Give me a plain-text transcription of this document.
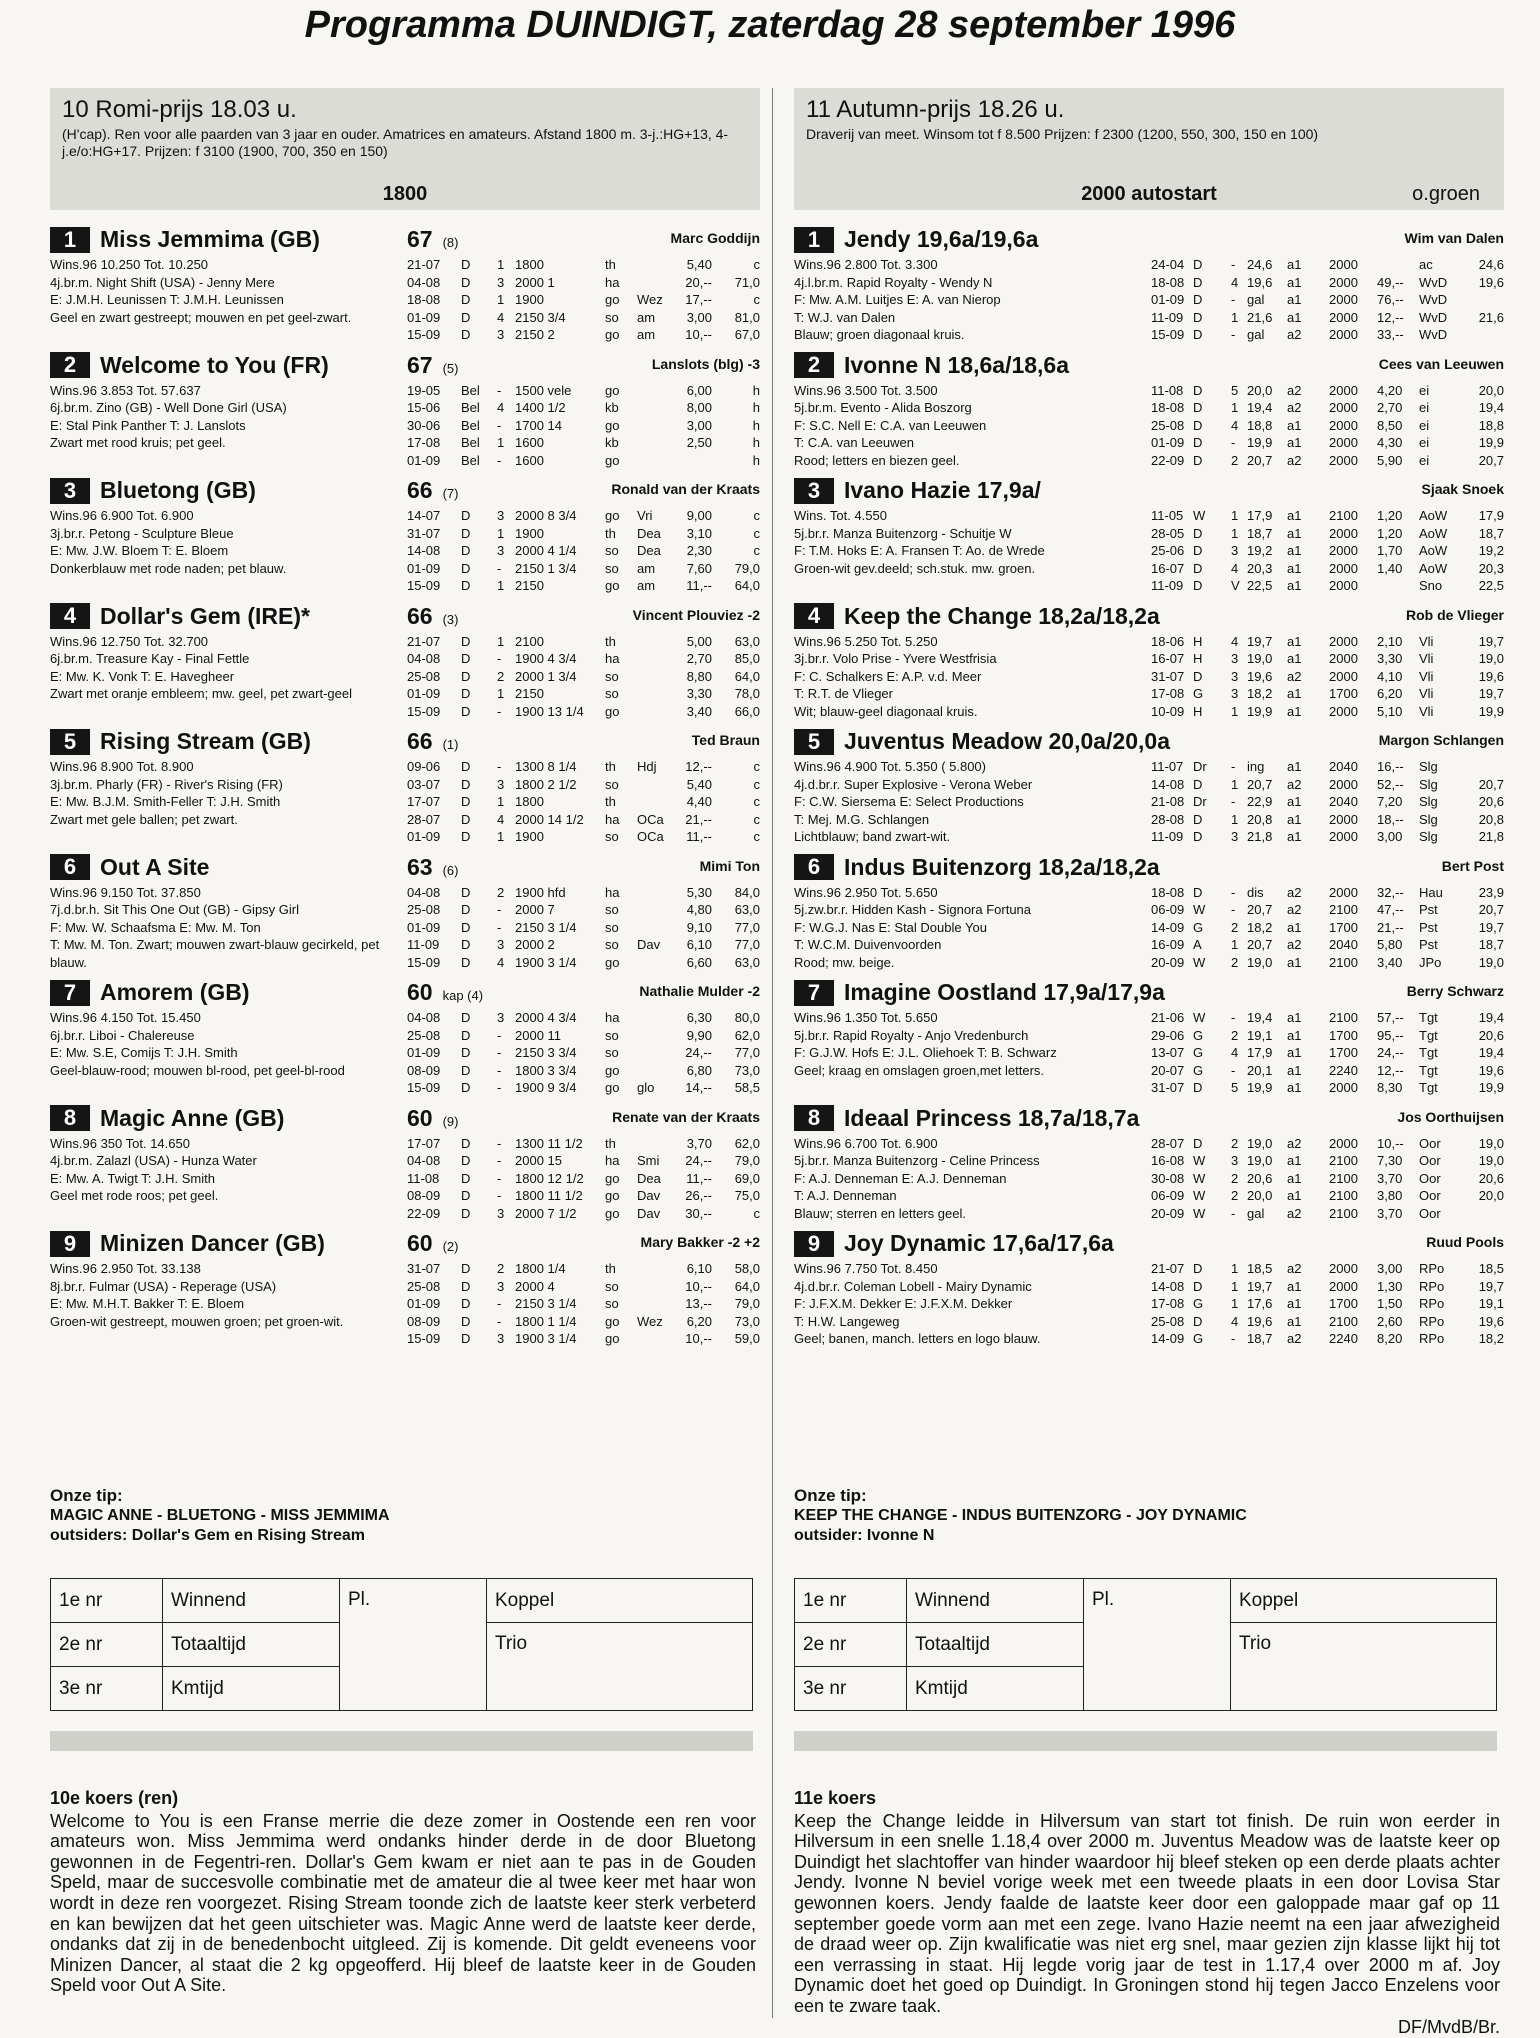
Programma DUINDIGT, zaterdag 28 september 1996
10 Romi-prijs 18.03 u.
(H'cap). Ren voor alle paarden van 3 jaar en ouder. Amatrices en amateurs. Afstand 1800 m. 3-j.:HG+13, 4-j.e/o:HG+17. Prijzen: f 3100 (1900, 700, 350 en 150)
1800
1 Miss Jemmima (GB)	67 (8)	Marc Goddijn
Wins.96 10.250 Tot. 10.250
4j.br.m. Night Shift (USA) - Jenny Mere
E: J.M.H. Leunissen T: J.M.H. Leunissen
Geel en zwart gestreept; mouwen en pet geel-zwart.
21-07 D 1 1800	th	5,40	c
04-08 D 3 2000 1	ha	20,-- 71,0
18-08 D 1 1900	go Wez 17,--	c
01-09 D 4 2150 3/4	so am 3,00 81,0
15-09 D 3 2150 2	go am 10,-- 67,0
2 Welcome to You (FR)	67 (5)	Lanslots (blg) -3
Wins.96 3.853 Tot. 57.637
6j.br.m. Zino (GB) - Well Done Girl (USA)
E: Stal Pink Panther T: J. Lanslots
Zwart met rood kruis; pet geel.
19-05 Bel - 1500 vele	go	6,00	h
15-06 Bel 4 1400 1/2	kb	8,00	h
30-06 Bel - 1700 14	go	3,00	h
17-08 Bel 1 1600	kb	2,50	h
01-09 Bel - 1600	go	h
3 Bluetong (GB)	66 (7)	Ronald van der Kraats
Wins.96 6.900 Tot. 6.900
3j.br.r. Petong - Sculpture Bleue
E: Mw. J.W. Bloem T: E. Bloem
Donkerblauw met rode naden; pet blauw.
14-07 D 3 2000 8 3/4 go Vri	9,00	c
31-07 D 1 1900	th Dea 3,10	c
14-08 D 3 2000 4 1/4 so Dea 2,30	c
01-09 D - 2150 1 3/4 so am 7,60 79,0
15-09 D 1 2150	go am 11,-- 64,0
4 Dollar's Gem (IRE)*	66 (3)	Vincent Plouviez -2
Wins.96 12.750 Tot. 32.700
6j.br.m. Treasure Kay - Final Fettle
E: Mw. K. Vonk T: E. Havegheer
Zwart met oranje embleem; mw. geel, pet zwart-geel
21-07 D 1 2100	th	5,00 63,0
04-08 D - 1900 4 3/4 ha	2,70 85,0
25-08 D 2 2000 1 3/4 so	8,80 64,0
01-09 D 1 2150	so	3,30 78,0
15-09 D - 1900 13 1/4 go	3,40 66,0
5 Rising Stream (GB)	66 (1)	Ted Braun
Wins.96 8.900 Tot. 8.900
3j.br.m. Pharly (FR) - River's Rising (FR)
E: Mw. B.J.M. Smith-Feller T: J.H. Smith
Zwart met gele ballen; pet zwart.
09-06 D - 1300 8 1/4 th Hdj 12,--	c
03-07 D 3 1800 2 1/2 so	5,40	c
17-07 D 1 1800	th	4,40	c
28-07 D 4 2000 14 1/2 ha OCa 21,--	c
01-09 D 1 1900	so OCa 11,--	c
6 Out A Site	63 (6)	Mimi Ton
Wins.96 9.150 Tot. 37.850
7j.d.br.h. Sit This One Out (GB) - Gipsy Girl
F: Mw. W. Schaafsma E: Mw. M. Ton
T: Mw. M. Ton. Zwart; mouwen zwart-blauw gecirkeld, pet blauw.
04-08 D 2 1900 hfd	ha	5,30 84,0
25-08 D - 2000 7	so	4,80 63,0
01-09 D - 2150 3 1/4 so	9,10 77,0
11-09 D 3 2000 2	so Dav 6,10 77,0
15-09 D 4 1900 3 1/4 go	6,60 63,0
7 Amorem (GB)	60 kap (4)	Nathalie Mulder -2
Wins.96 4.150 Tot. 15.450
6j.br.r. Liboi - Chalereuse
E: Mw. S.E, Comijs T: J.H. Smith
Geel-blauw-rood; mouwen bl-rood, pet geel-bl-rood
04-08 D 3 2000 4 3/4 ha	6,30 80,0
25-08 D - 2000 11	so	9,90 62,0
01-09 D - 2150 3 3/4 so	24,-- 77,0
08-09 D - 1800 3 3/4 go	6,80 73,0
15-09 D - 1900 9 3/4 go glo 14,-- 58,5
8 Magic Anne (GB)	60 (9)	Renate van der Kraats
Wins.96 350 Tot. 14.650
4j.br.m. Zalazl (USA) - Hunza Water
E: Mw. A. Twigt T: J.H. Smith
Geel met rode roos; pet geel.
17-07 D - 1300 11 1/2 th	3,70 62,0
04-08 D - 2000 15	ha Smi 24,-- 79,0
11-08 D - 1800 12 1/2 go Dea 11,-- 69,0
08-09 D - 1800 11 1/2 go Dav 26,-- 75,0
22-09 D 3 2000 7 1/2 go Dav 30,--	c
9 Minizen Dancer (GB)	60 (2)	Mary Bakker -2 +2
Wins.96 2.950 Tot. 33.138
8j.br.r. Fulmar (USA) - Reperage (USA)
E: Mw. M.H.T. Bakker T: E. Bloem
Groen-wit gestreept, mouwen groen; pet groen-wit.
31-07 D 2 1800 1/4	th	6,10 58,0
25-08 D 3 2000 4	so	10,-- 64,0
01-09 D - 2150 3 1/4 so	13,-- 79,0
08-09 D - 1800 1 1/4 go Wez 6,20 73,0
15-09 D 3 1900 3 1/4 go	10,-- 59,0
Onze tip:
MAGIC ANNE - BLUETONG - MISS JEMMIMA
outsiders: Dollar's Gem en Rising Stream
1e nr	Winnend	Pl.	Koppel
2e nr	Totaaltijd		Trio
3e nr	Kmtijd		
10e koers (ren)
Welcome to You is een Franse merrie die deze zomer in Oostende een ren voor amateurs won. Miss Jemmima werd ondanks hinder derde in de door Bluetong gewonnen in de Fegentri-ren. Dollar's Gem kwam er niet aan te pas in de Gouden Speld, maar de succesvolle combinatie met de amateur die al twee keer met haar won wordt in deze ren voorgezet. Rising Stream toonde zich de laatste keer sterk verbeterd en kan bewijzen dat het geen uitschieter was. Magic Anne werd de laatste keer derde, ondanks dat zij in de benedenbocht uitgleed. Zij is komende. Dit geldt eveneens voor Minizen Dancer, al staat die 2 kg opgeofferd. Hij bleef de laatste keer in de Gouden Speld voor Out A Site.
11 Autumn-prijs 18.26 u.
Draverij van meet. Winsom tot f 8.500 Prijzen: f 2300 (1200, 550, 300, 150 en 100)
2000 autostart	o.groen
1 Jendy 19,6a/19,6a	Wim van Dalen
Wins.96 2.800 Tot. 3.300
4j.l.br.m. Rapid Royalty - Wendy N
F: Mw. A.M. Luitjes E: A. van Nierop
T: W.J. van Dalen
Blauw; groen diagonaal kruis.
24-04 D - 24,6 a1 2000	ac	24,6
18-08 D 4 19,6 a1 2000 49,-- WvD 19,6
01-09 D - gal a1 2000 76,-- WvD
11-09 D 1 21,6 a1 2000 12,-- WvD 21,6
15-09 D - gal a2 2000 33,-- WvD
2 Ivonne N 18,6a/18,6a	Cees van Leeuwen
Wins.96 3.500 Tot. 3.500
5j.br.m. Evento - Alida Boszorg
F: S.C. Nell E: C.A. van Leeuwen
T: C.A. van Leeuwen
Rood; letters en biezen geel.
11-08 D 5 20,0 a2 2000 4,20 ei	20,0
18-08 D 1 19,4 a2 2000 2,70 ei	19,4
25-08 D 4 18,8 a1 2000 8,50 ei	18,8
01-09 D - 19,9 a1 2000 4,30 ei	19,9
22-09 D 2 20,7 a2 2000 5,90 ei	20,7
3 Ivano Hazie 17,9a/	Sjaak Snoek
Wins. Tot. 4.550
5j.br.r. Manza Buitenzorg - Schuitje W
F: T.M. Hoks E: A. Fransen T: Ao. de Wrede
Groen-wit gev.deeld; sch.stuk. mw. groen.
11-05 W 1 17,9 a1 2100 1,20 AoW 17,9
28-05 D 1 18,7 a1 2000 1,20 AoW 18,7
25-06 D 3 19,2 a1 2000 1,70 AoW 19,2
16-07 D 4 20,3 a1 2000 1,40 AoW 20,3
11-09 D V 22,5 a1 2000	Sno	22,5
4 Keep the Change 18,2a/18,2a	Rob de Vlieger
Wins.96 5.250 Tot. 5.250
3j.br.r. Volo Prise - Yvere Westfrisia
F: C. Schalkers E: A.P. v.d. Meer
T: R.T. de Vlieger
Wit; blauw-geel diagonaal kruis.
18-06 H 4 19,7 a1 2000 2,10 Vli	19,7
16-07 H 3 19,0 a1 2000 3,30 Vli	19,0
31-07 D 3 19,6 a2 2000 4,10 Vli	19,6
17-08 G 3 18,2 a1 1700 6,20 Vli	19,7
10-09 H 1 19,9 a1 2000 5,10 Vli	19,9
5 Juventus Meadow 20,0a/20,0a	Margon Schlangen
Wins.96 4.900 Tot. 5.350 ( 5.800)
4j.d.br.r. Super Explosive - Verona Weber
F: C.W. Siersema E: Select Productions
T: Mej. M.G. Schlangen
Lichtblauw; band zwart-wit.
11-07 Dr - ing a1 2040 16,-- Slg
14-08 D 1 20,7 a2 2000 52,-- Slg	20,7
21-08 Dr - 22,9 a1 2040 7,20 Slg	20,6
28-08 D 1 20,8 a1 2000 18,-- Slg	20,8
11-09 D 3 21,8 a1 2000 3,00 Slg	21,8
6 Indus Buitenzorg 18,2a/18,2a	Bert Post
Wins.96 2.950 Tot. 5.650
5j.zw.br.r. Hidden Kash - Signora Fortuna
F: W.G.J. Nas E: Stal Double You
T: W.C.M. Duivenvoorden
Rood; mw. beige.
18-08 D - dis a2 2000 32,-- Hau	23,9
06-09 W - 20,7 a2 2100 47,-- Pst	20,7
14-09 G 2 18,2 a1 1700 21,-- Pst	19,7
16-09 A 1 20,7 a2 2040 5,80 Pst	18,7
20-09 W 2 19,0 a1 2100 3,40 JPo	19,0
7 Imagine Oostland 17,9a/17,9a	Berry Schwarz
Wins.96 1.350 Tot. 5.650
5j.br.r. Rapid Royalty - Anjo Vredenburch
F: G.J.W. Hofs E: J.L. Oliehoek T: B. Schwarz
Geel; kraag en omslagen groen,met letters.
21-06 W - 19,4 a1 2100 57,-- Tgt	19,4
29-06 G 2 19,1 a1 1700 95,-- Tgt	20,6
13-07 G 4 17,9 a1 1700 24,-- Tgt	19,4
20-07 G - 20,1 a1 2240 12,-- Tgt	19,6
31-07 D 5 19,9 a1 2000 8,30 Tgt	19,9
8 Ideaal Princess 18,7a/18,7a	Jos Oorthuijsen
Wins.96 6.700 Tot. 6.900
5j.br.r. Manza Buitenzorg - Celine Princess
F: A.J. Denneman E: A.J. Denneman
T: A.J. Denneman
Blauw; sterren en letters geel.
28-07 D 2 19,0 a2 2000 10,-- Oor	19,0
16-08 W 3 19,0 a1 2100 7,30 Oor	19,0
30-08 W 2 20,6 a1 2100 3,70 Oor	20,6
06-09 W 2 20,0 a1 2100 3,80 Oor	20,0
20-09 W - gal a2 2100 3,70 Oor
9 Joy Dynamic 17,6a/17,6a	Ruud Pools
Wins.96 7.750 Tot. 8.450
4j.d.br.r. Coleman Lobell - Mairy Dynamic
F: J.F.X.M. Dekker E: J.F.X.M. Dekker
T: H.W. Langeweg
Geel; banen, manch. letters en logo blauw.
21-07 D 1 18,5 a2 2000 3,00 RPo	18,5
14-08 D 1 19,7 a1 2000 1,30 RPo	19,7
17-08 G 1 17,6 a1 1700 1,50 RPo	19,1
25-08 D 4 19,6 a1 2100 2,60 RPo	19,6
14-09 G - 18,7 a2 2240 8,20 RPo	18,2
Onze tip:
KEEP THE CHANGE - INDUS BUITENZORG - JOY DYNAMIC
outsider: Ivonne N
1e nr	Winnend	Pl.	Koppel
2e nr	Totaaltijd		Trio
3e nr	Kmtijd		
11e koers
Keep the Change leidde in Hilversum van start tot finish. De ruin won eerder in Hilversum in een snelle 1.18,4 over 2000 m. Juventus Meadow was de laatste keer op Duindigt het slachtoffer van hinder waardoor hij bleef steken op een derde plaats achter Jendy. Ivonne N beviel vorige week met een tweede plaats in een door Lovisa Star gewonnen koers. Jendy faalde de laatste keer door een galoppade maar gaf op 11 september goede vorm aan met een zege. Ivano Hazie neemt na een jaar afwezigheid de draad weer op. Zijn kwalificatie was niet erg snel, maar gezien zijn klasse lijkt hij tot een verrassing in staat. Hij legde vorig jaar de test in 1.17,4 over 2000 m af. Joy Dynamic doet het goed op Duindigt. In Groningen stond hij tegen Jacco Enzelens voor een te zware taak.
DF/MvdB/Br.
